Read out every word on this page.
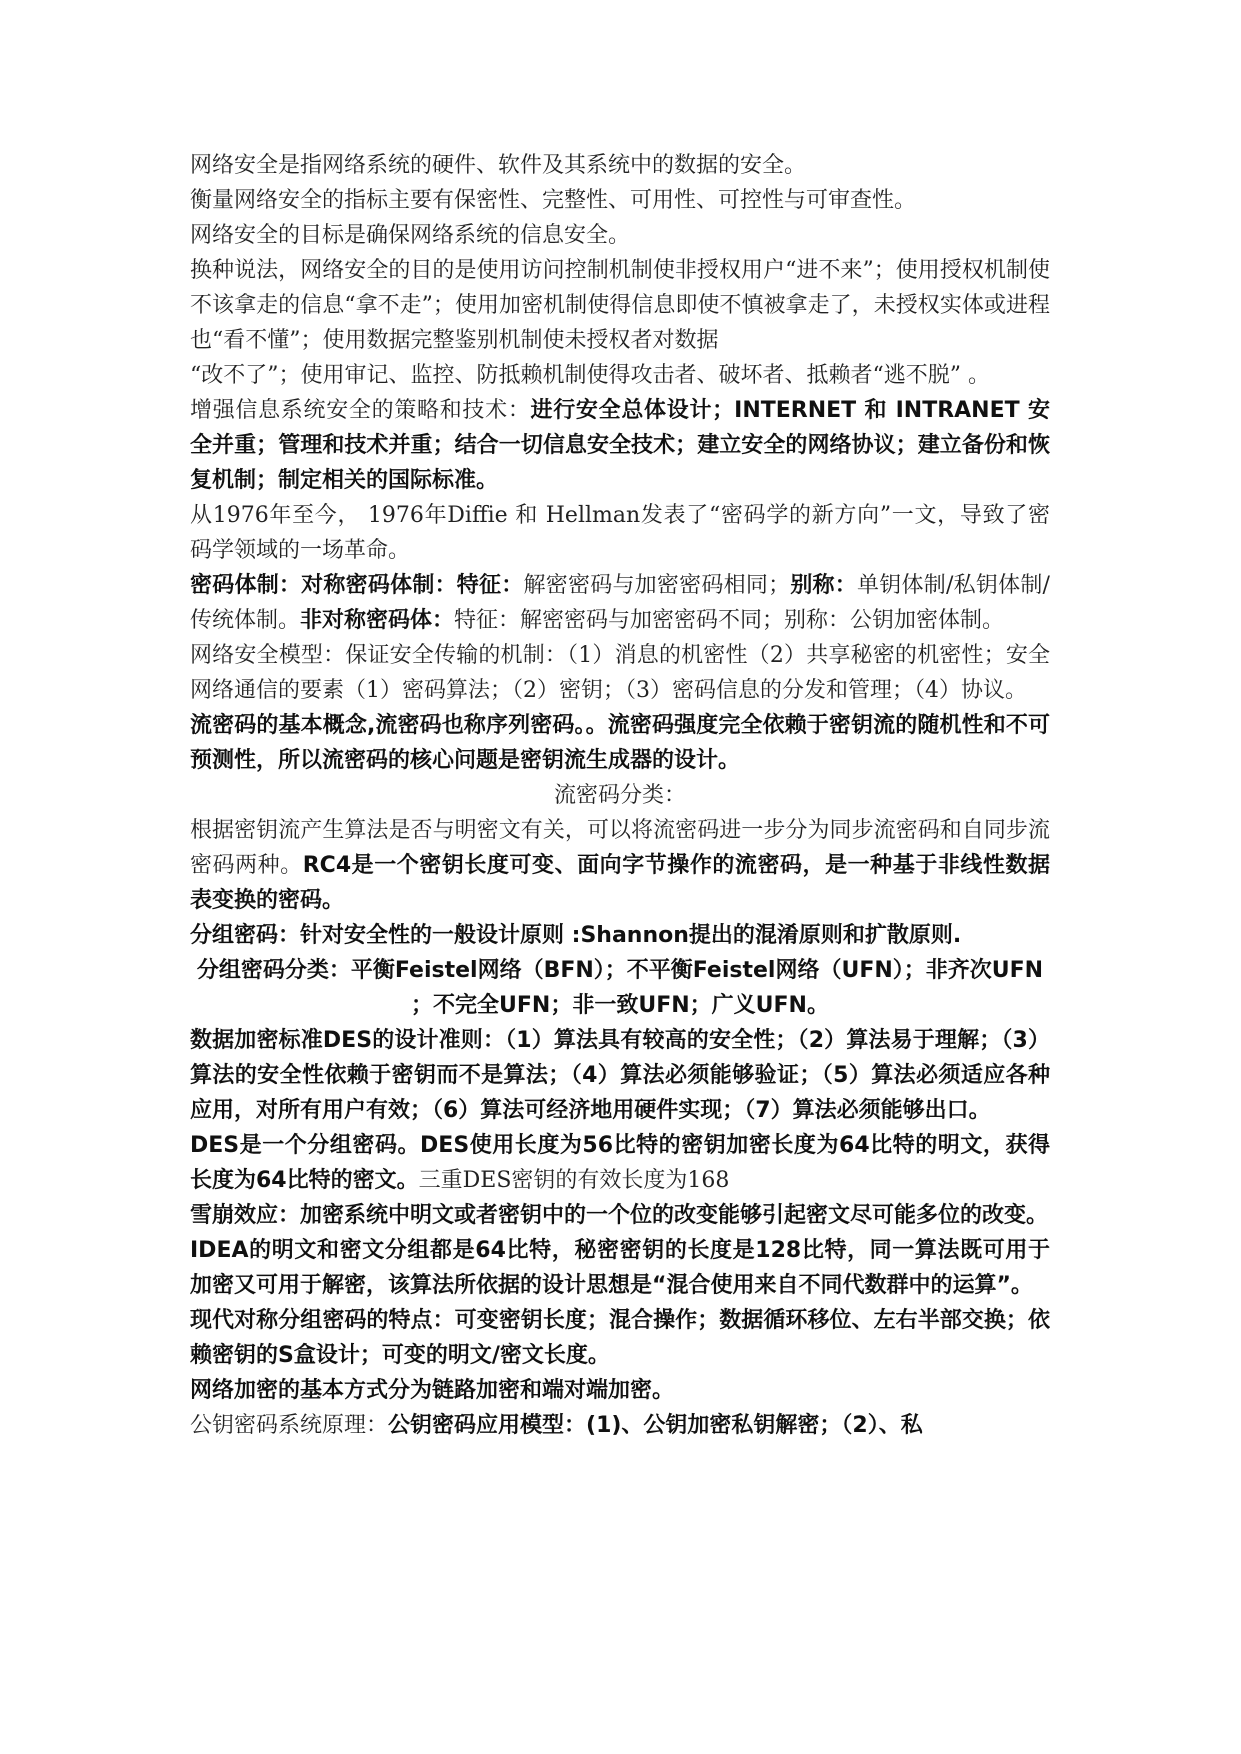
网络安全是指网络系统的硬件、软件及其系统中的数据的安全。

衡量网络安全的指标主要有保密性、完整性、可用性、可控性与可审查性。

网络安全的目标是确保网络系统的信息安全。

换种说法，网络安全的目的是使用访问控制机制使非授权用户“进不来”；使用授权机制使不该拿走的信息“拿不走”；使用加密机制使得信息即使不慎被拿走了，未授权实体或进程也“看不懂”；使用数据完整鉴别机制使未授权者对数据

“改不了”；使用审记、监控、防抵赖机制使得攻击者、破坏者、抵赖者“逃不脱” 。

增强信息系统安全的策略和技术：进行安全总体设计；INTERNET 和 INTRANET 安全并重；管理和技术并重；结合一切信息安全技术；建立安全的网络协议；建立备份和恢复机制；制定相关的国际标准。

从1976年至今， 1976年Diffie 和 Hellman发表了“密码学的新方向”一文，导致了密码学领域的一场革命。

密码体制：对称密码体制：特征：解密密码与加密密码相同；别称：单钥体制/私钥体制/传统体制。非对称密码体：特征：解密密码与加密密码不同；别称：公钥加密体制。

网络安全模型：保证安全传输的机制：（1）消息的机密性（2）共享秘密的机密性；安全网络通信的要素（1）密码算法；（2）密钥；（3）密码信息的分发和管理；（4）协议。

流密码的基本概念,流密码也称序列密码。。流密码强度完全依赖于密钥流的随机性和不可预测性，所以流密码的核心问题是密钥流生成器的设计。

流密码分类：

根据密钥流产生算法是否与明密文有关，可以将流密码进一步分为同步流密码和自同步流密码两种。RC4是一个密钥长度可变、面向字节操作的流密码，是一种基于非线性数据表变换的密码。

分组密码：针对安全性的一般设计原则 :Shannon提出的混淆原则和扩散原则.

分组密码分类：平衡Feistel网络（BFN）；不平衡Feistel网络（UFN）；非齐次UFN ；不完全UFN；非一致UFN；广义UFN。

数据加密标准DES的设计准则：（1）算法具有较高的安全性；（2）算法易于理解；（3）算法的安全性依赖于密钥而不是算法；（4）算法必须能够验证；（5）算法必须适应各种应用，对所有用户有效；（6）算法可经济地用硬件实现；（7）算法必须能够出口。

DES是一个分组密码。DES使用长度为56比特的密钥加密长度为64比特的明文，获得长度为64比特的密文。三重DES密钥的有效长度为168

雪崩效应：加密系统中明文或者密钥中的一个位的改变能够引起密文尽可能多位的改变。

IDEA的明文和密文分组都是64比特，秘密密钥的长度是128比特，同一算法既可用于加密又可用于解密，该算法所依据的设计思想是“混合使用来自不同代数群中的运算”。

现代对称分组密码的特点：可变密钥长度；混合操作；数据循环移位、左右半部交换；依赖密钥的S盒设计；可变的明文/密文长度。

网络加密的基本方式分为链路加密和端对端加密。

公钥密码系统原理：公钥密码应用模型：(1)、公钥加密私钥解密；（2）、私
